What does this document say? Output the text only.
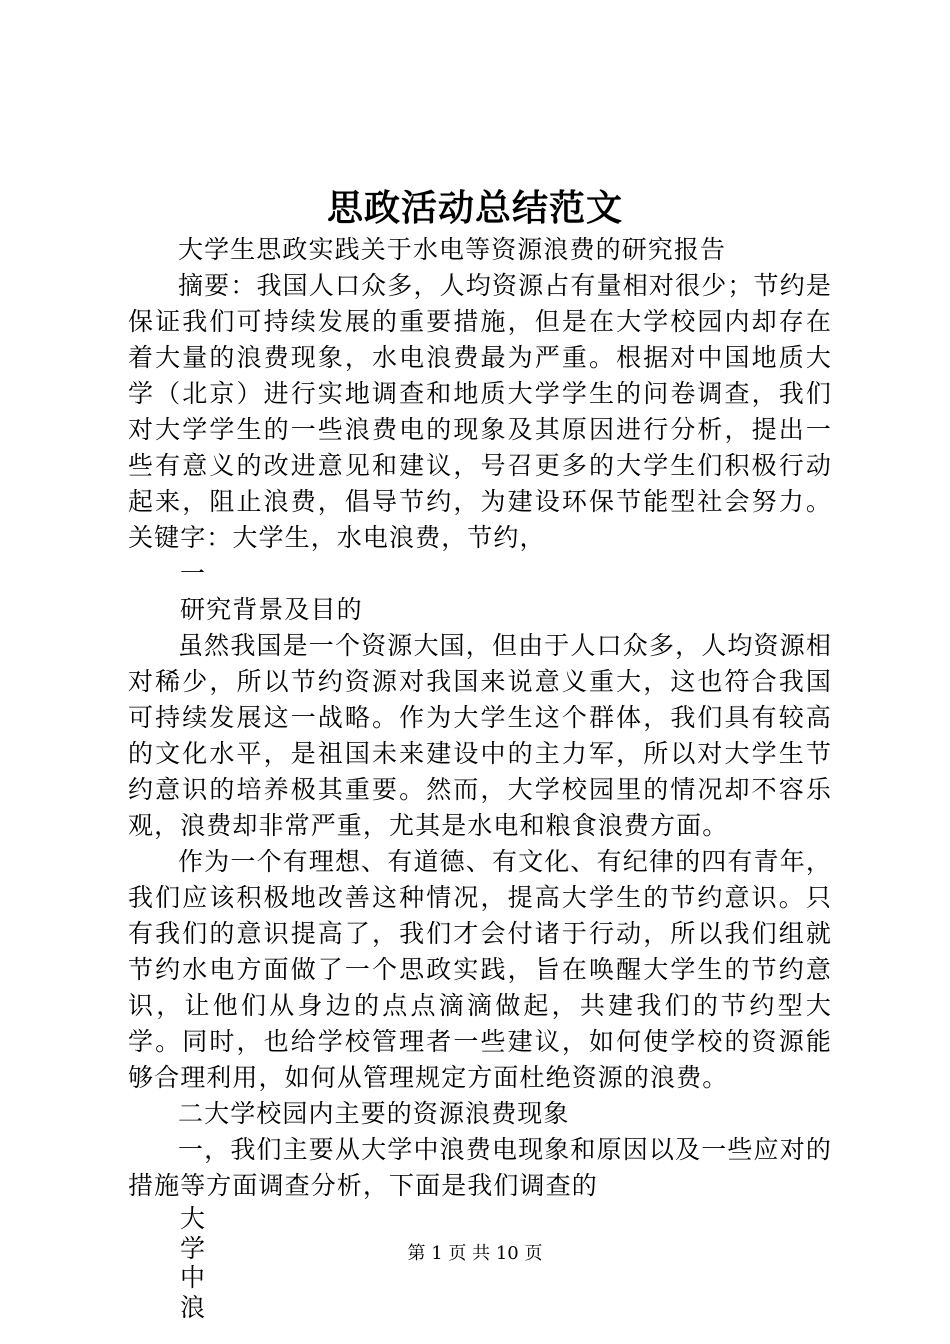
思政活动总结范文

大学生思政实践关于水电等资源浪费的研究报告

摘要：我国人口众多，人均资源占有量相对很少；节约是保证我们可持续发展的重要措施，但是在大学校园内却存在着大量的浪费现象，水电浪费最为严重。根据对中国地质大学（北京）进行实地调查和地质大学学生的问卷调查，我们对大学学生的一些浪费电的现象及其原因进行分析，提出一些有意义的改进意见和建议，号召更多的大学生们积极行动起来，阻止浪费，倡导节约，为建设环保节能型社会努力。关键字：大学生，水电浪费，节约，

一

研究背景及目的

虽然我国是一个资源大国，但由于人口众多，人均资源相对稀少，所以节约资源对我国来说意义重大，这也符合我国可持续发展这一战略。作为大学生这个群体，我们具有较高的文化水平，是祖国未来建设中的主力军，所以对大学生节约意识的培养极其重要。然而，大学校园里的情况却不容乐观，浪费却非常严重，尤其是水电和粮食浪费方面。

作为一个有理想、有道德、有文化、有纪律的四有青年，我们应该积极地改善这种情况，提高大学生的节约意识。只有我们的意识提高了，我们才会付诸于行动，所以我们组就节约水电方面做了一个思政实践，旨在唤醒大学生的节约意识，让他们从身边的点点滴滴做起，共建我们的节约型大学。同时，也给学校管理者一些建议，如何使学校的资源能够合理利用，如何从管理规定方面杜绝资源的浪费。

二大学校园内主要的资源浪费现象

一，我们主要从大学中浪费电现象和原因以及一些应对的措施等方面调查分析，下面是我们调查的

大
学
中
浪
第 1 页 共 10 页
